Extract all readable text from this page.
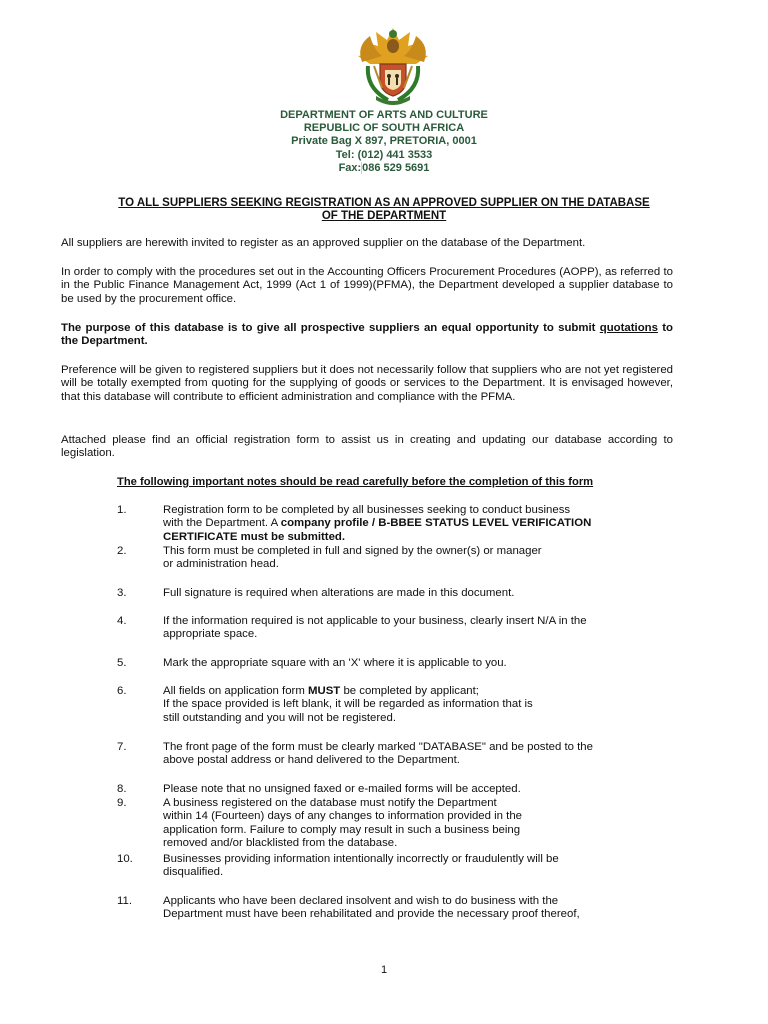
DEPARTMENT OF ARTS AND CULTURE
REPUBLIC OF SOUTH AFRICA
Private Bag X 897, PRETORIA, 0001
Tel: (012) 441 3533
Fax: 086 529 5691
TO ALL SUPPLIERS SEEKING REGISTRATION AS AN APPROVED SUPPLIER ON THE DATABASE
OF THE DEPARTMENT
All suppliers are herewith invited to register as an approved supplier on the database of the Department.
In order to comply with the procedures set out in the Accounting Officers Procurement Procedures (AOPP), as referred to in the Public Finance Management Act, 1999 (Act 1 of 1999)(PFMA), the Department developed a supplier database to be used by the procurement office.
The purpose of this database is to give all prospective suppliers an equal opportunity to submit quotations to the Department.
Preference will be given to registered suppliers but it does not necessarily follow that suppliers who are not yet registered will be totally exempted from quoting for the supplying of goods or services to the Department. It is envisaged however, that this database will contribute to efficient administration and compliance with the PFMA.
Attached please find an official registration form to assist us in creating and updating our database according to legislation.
The following important notes should be read carefully before the completion of this form
1.	Registration form to be completed by all businesses seeking to conduct business
with the Department. A company profile / B-BBEE STATUS LEVEL VERIFICATION
CERTIFICATE must be submitted.
2.	This form must be completed in full and signed by the owner(s) or manager
or administration head.
3.	Full signature is required when alterations are made in this document.
4.	If the information required is not applicable to your business, clearly insert N/A in the
appropriate space.
5.	Mark the appropriate square with an 'X' where it is applicable to you.
6.	All fields on application form MUST be completed by applicant;
If the space provided is left blank, it will be regarded as information that is
still outstanding and you will not be registered.
7.	The front page of the form must be clearly marked "DATABASE" and be posted to the
above postal address or hand delivered to the Department.
8.	Please note that no unsigned faxed or e-mailed forms will be accepted.
9.	A business registered on the database must notify the Department
within 14 (Fourteen) days of any changes to information provided in the
application form. Failure to comply may result in such a business being
removed and/or blacklisted from the database.
10.	Businesses providing information intentionally incorrectly or fraudulently will be
disqualified.
11.	Applicants who have been declared insolvent and wish to do business with the
Department must have been rehabilitated and provide the necessary proof thereof,
1
